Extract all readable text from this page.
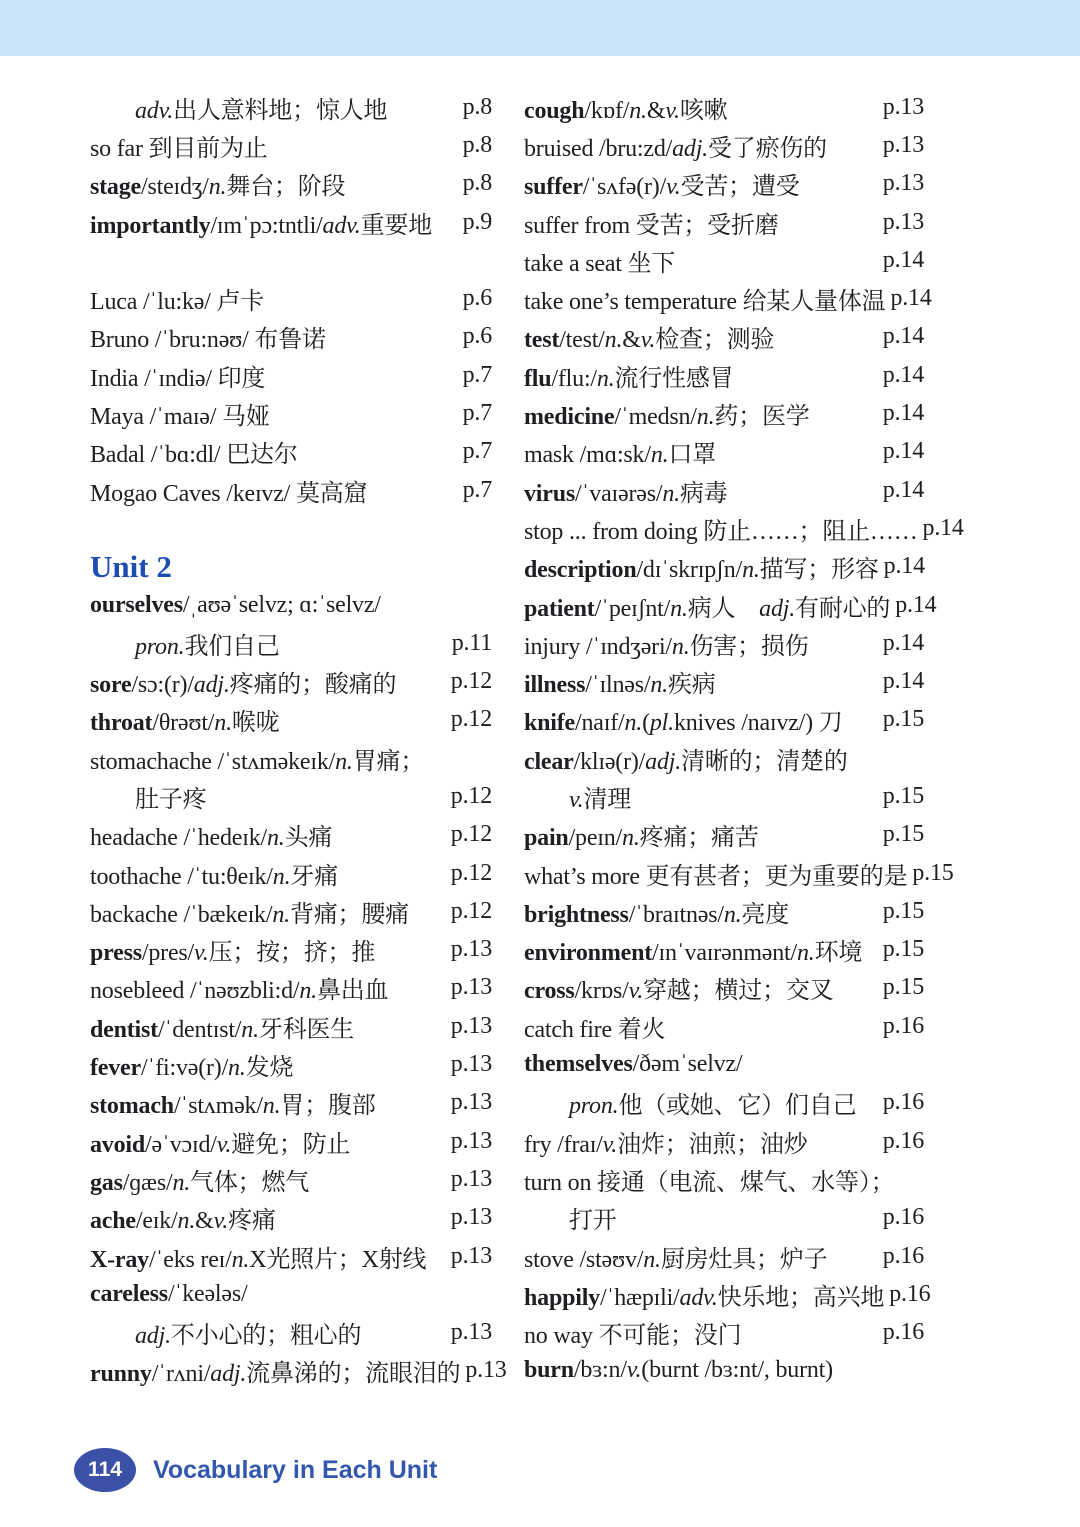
adv. 出人意料地；惊人地	p.8
so far 到目前为止	p.8
stage /steɪdʒ/ n. 舞台；阶段	p.8
importantly /ɪmˈpɔ:tntli/ adv. 重要地 p.9
Luca /ˈlu:kə/ 卢卡	p.6
Bruno /ˈbru:nəʊ/ 布鲁诺	p.6
India /ˈɪndiə/ 印度	p.7
Maya /ˈmaɪə/ 马娅	p.7
Badal /ˈbɑ:dl/ 巴达尔	p.7
Mogao Caves /keɪvz/ 莫高窟	p.7
Unit 2
ourselves /ˌaʊəˈselvz; ɑ:ˈselvz/
pron. 我们自己	p.11
sore /sɔ:(r)/ adj. 疼痛的；酸痛的 p.12
throat /θrəʊt/ n. 喉咙	p.12
stomachache /ˈstʌməkeɪk/ n. 胃痛；
肚子疼	p.12
headache /ˈhedeɪk/ n. 头痛	p.12
toothache /ˈtu:θeɪk/ n. 牙痛	p.12
backache /ˈbækeɪk/ n. 背痛；腰痛 p.12
press /pres/ v. 压；按；挤；推	p.13
nosebleed /ˈnəʊzbli:d/ n. 鼻出血	p.13
dentist /ˈdentɪst/ n. 牙科医生	p.13
fever /ˈfi:və(r)/ n. 发烧	p.13
stomach /ˈstʌmək/ n. 胃；腹部	p.13
avoid /əˈvɔɪd/ v. 避免；防止	p.13
gas /ɡæs/ n. 气体；燃气	p.13
ache /eɪk/ n. & v. 疼痛	p.13
X-ray /ˈeks reɪ/ n. X光照片；X射线 p.13
careless /ˈkeələs/
adj. 不小心的；粗心的	p.13
runny /ˈrʌni/ adj. 流鼻涕的；流眼泪的 p.13
cough /kɒf/ n. & v. 咳嗽	p.13
bruised /bru:zd/ adj. 受了瘀伤的 p.13
suffer /ˈsʌfə(r)/ v. 受苦；遭受	p.13
suffer from 受苦；受折磨	p.13
take a seat 坐下	p.14
take one’s temperature 给某人量体温 p.14
test /test/ n. & v. 检查；测验	p.14
flu /flu:/ n. 流行性感冒	p.14
medicine /ˈmedsn/ n. 药；医学	p.14
mask /mɑ:sk/ n. 口罩	p.14
virus /ˈvaɪərəs/ n. 病毒	p.14
stop ... from doing 防止……；阻止…… p.14
description /dɪˈskrɪpʃn/ n. 描写；形容 p.14
patient /ˈpeɪʃnt/ n. 病人　 adj. 有耐心的 p.14
injury /ˈɪndʒəri/ n. 伤害；损伤	p.14
illness /ˈɪlnəs/ n. 疾病	p.14
knife /naɪf/ n. ( pl. knives /naɪvz/) 刀 p.15
clear /klɪə(r)/ adj. 清晰的；清楚的
v. 清理	p.15
pain /peɪn/ n. 疼痛；痛苦	p.15
what’s more 更有甚者；更为重要的是 p.15
brightness /ˈbraɪtnəs/ n. 亮度	p.15
environment /ɪnˈvaɪrənmənt/ n. 环境 p.15
cross /krɒs/ v. 穿越；横过；交叉 p.15
catch fire 着火	p.16
themselves /ðəmˈselvz/
pron. 他（或她、它）们自己 p.16
fry /fraɪ/ v. 油炸；油煎；油炒	p.16
turn on 接通（电流、煤气、水等）；
打开	p.16
stove /stəʊv/ n. 厨房灶具；炉子 p.16
happily /ˈhæpɪli/ adv. 快乐地；高兴地 p.16
no way 不可能；没门	p.16
burn /bɜ:n/ v. (burnt /bɜ:nt/, burnt)
114	Vocabulary in Each Unit
